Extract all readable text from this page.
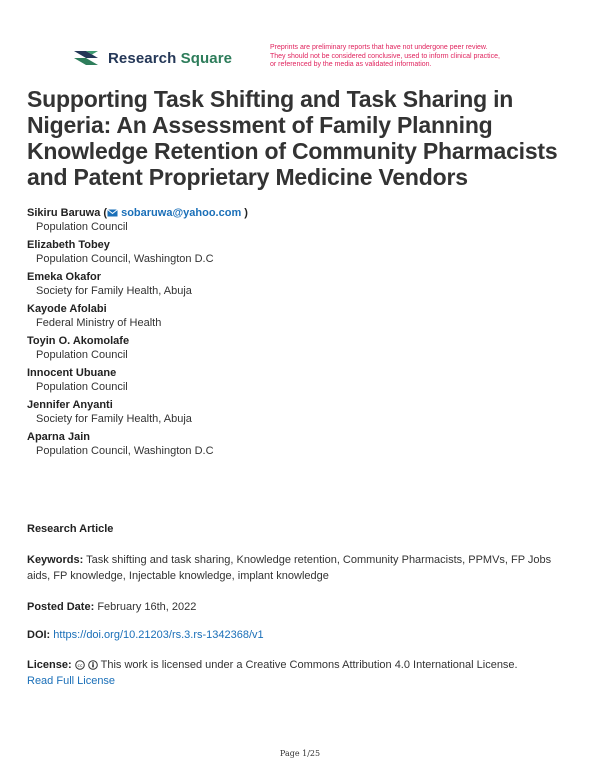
Research Square
Preprints are preliminary reports that have not undergone peer review.
They should not be considered conclusive, used to inform clinical practice,
or referenced by the media as validated information.
Supporting Task Shifting and Task Sharing in Nigeria: An Assessment of Family Planning Knowledge Retention of Community Pharmacists and Patent Proprietary Medicine Vendors
Sikiru Baruwa ( sobaruwa@yahoo.com )
Population Council
Elizabeth Tobey
Population Council, Washington D.C
Emeka Okafor
Society for Family Health, Abuja
Kayode Afolabi
Federal Ministry of Health
Toyin O. Akomolafe
Population Council
Innocent Ubuane
Population Council
Jennifer Anyanti
Society for Family Health, Abuja
Aparna Jain
Population Council, Washington D.C
Research Article
Keywords: Task shifting and task sharing, Knowledge retention, Community Pharmacists, PPMVs, FP Jobs aids, FP knowledge, Injectable knowledge, implant knowledge
Posted Date: February 16th, 2022
DOI: https://doi.org/10.21203/rs.3.rs-1342368/v1
License: cc This work is licensed under a Creative Commons Attribution 4.0 International License.
Read Full License
Page 1/25
